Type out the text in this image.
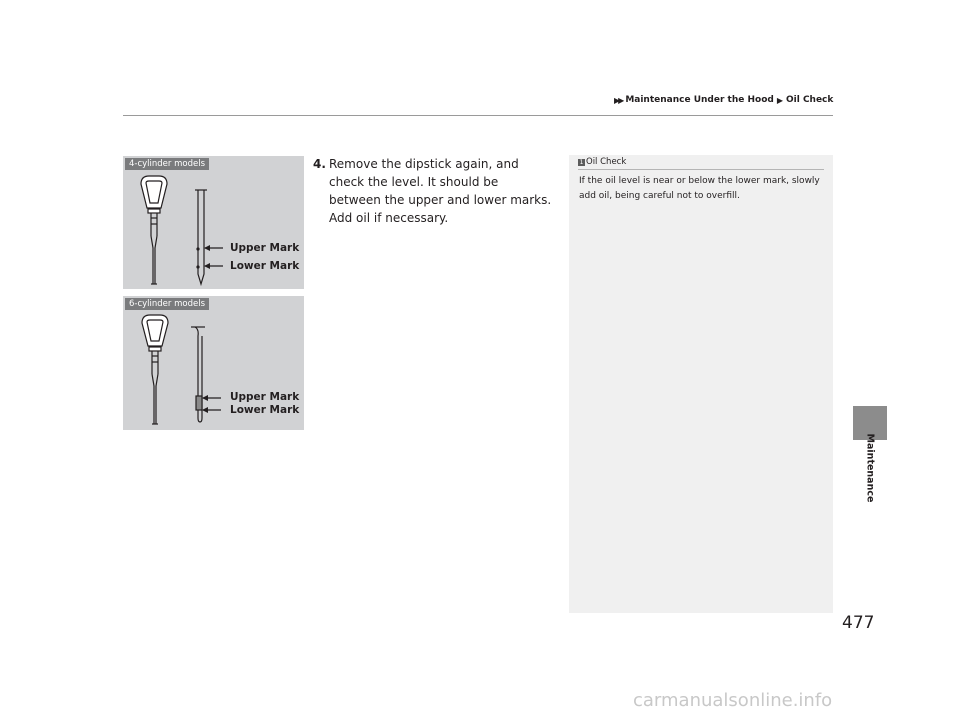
▶▶ Maintenance Under the Hood ▶ Oil Check
4-cylinder models
Upper Mark
Lower Mark
6-cylinder models
Upper Mark
Lower Mark
4. Remove the dipstick again, and check the level. It should be between the upper and lower marks. Add oil if necessary.
1 Oil Check
If the oil level is near or below the lower mark, slowly add oil, being careful not to overfill.
Maintenance
477
carmanualsonline.info
